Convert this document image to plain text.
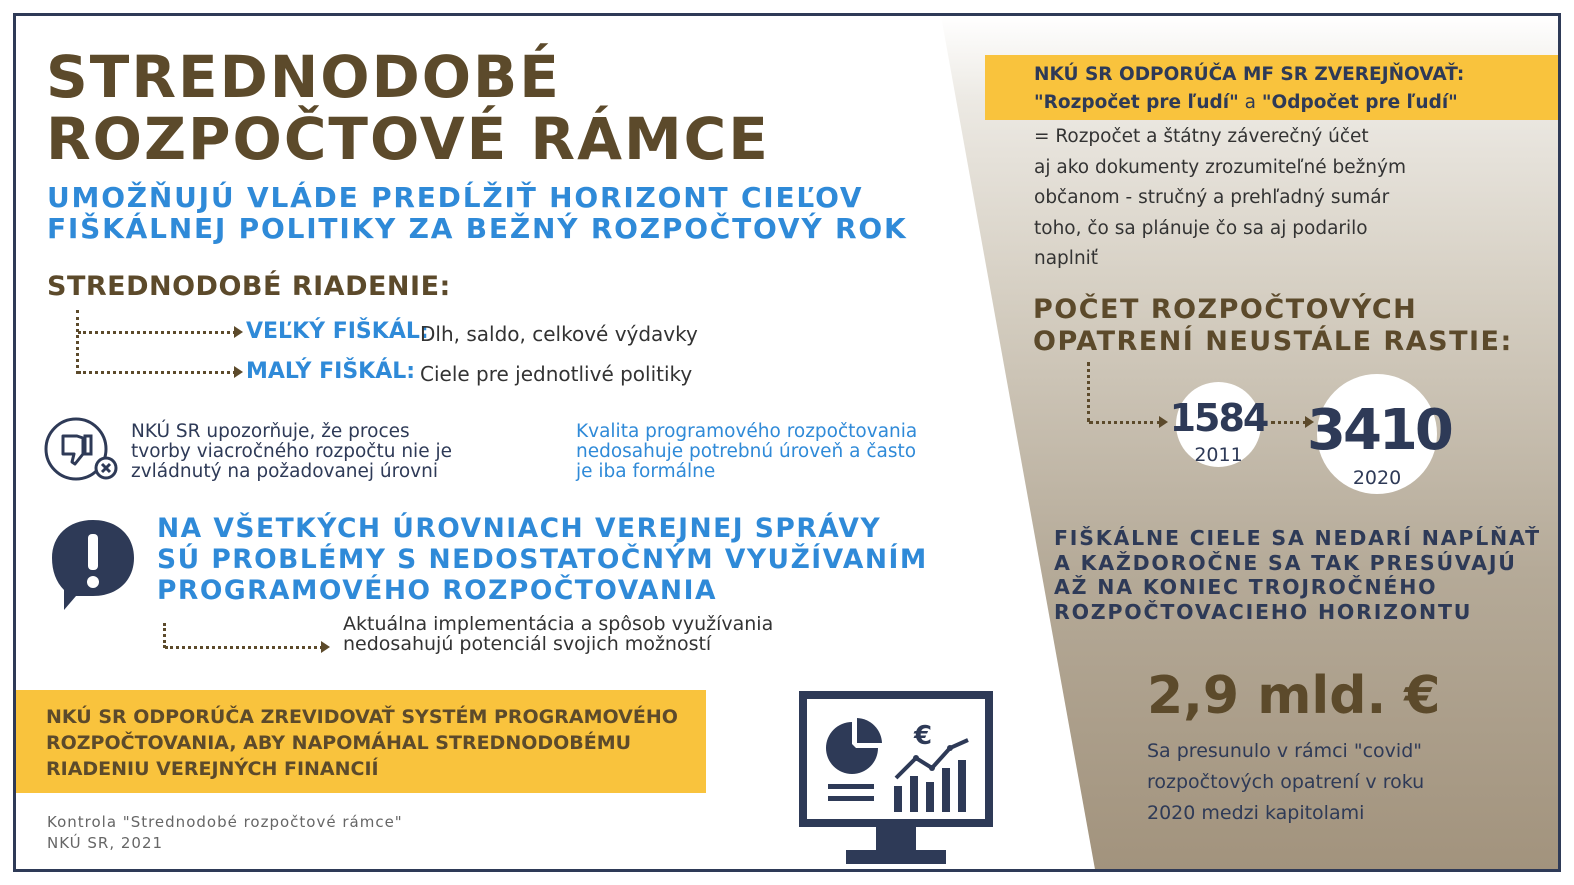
STREDNODOBÉ
ROZPOČTOVÉ RÁMCE
UMOŽŇUJÚ VLÁDE PREDĹŽIŤ HORIZONT CIEĽOV
FIŠKÁLNEJ POLITIKY ZA BEŽNÝ ROZPOČTOVÝ ROK
STREDNODOBÉ RIADENIE:
VEĽKÝ FIŠKÁL:
Dlh, saldo, celkové výdavky
MALÝ FIŠKÁL: Ciele pre jednotlivé politiky
NKÚ SR upozorňuje, že proces
tvorby viacročného rozpočtu nie je
zvládnutý na požadovanej úrovni
Kvalita programového rozpočtovania
nedosahuje potrebnú úroveň a často
je iba formálne
NA VŠETKÝCH ÚROVNIACH VEREJNEJ SPRÁVY
SÚ PROBLÉMY S NEDOSTATOČNÝM VYUŽÍVANÍM
PROGRAMOVÉHO ROZPOČTOVANIA
Aktuálna implementácia a spôsob využívania
nedosahujú potenciál svojich možností
NKÚ SR ODPORÚČA ZREVIDOVAŤ SYSTÉM PROGRAMOVÉHO
ROZPOČTOVANIA, ABY NAPOMÁHAL STREDNODOBÉMU
RIADENIU VEREJNÝCH FINANCIÍ
Kontrola "Strednodobé rozpočtové rámce"
NKÚ SR, 2021
€
NKÚ SR ODPORÚČA MF SR ZVEREJŇOVAŤ:
"Rozpočet pre ľudí" a "Odpočet pre ľudí"
= Rozpočet a štátny záverečný účet
aj ako dokumenty zrozumiteľné bežným
občanom - stručný a prehľadný sumár
toho, čo sa plánuje čo sa aj podarilo
naplniť
POČET ROZPOČTOVÝCH
OPATRENÍ NEUSTÁLE RASTIE:
1584
2011	3410
2020
FIŠKÁLNE CIELE SA NEDARÍ NAPĹŇAŤ
A KAŽDOROČNE SA TAK PRESÚVAJÚ
AŽ NA KONIEC TROJROČNÉHO
ROZPOČTOVACIEHO HORIZONTU
2,9 mld. €
Sa presunulo v rámci "covid"
rozpočtových opatrení v roku
2020 medzi kapitolami
